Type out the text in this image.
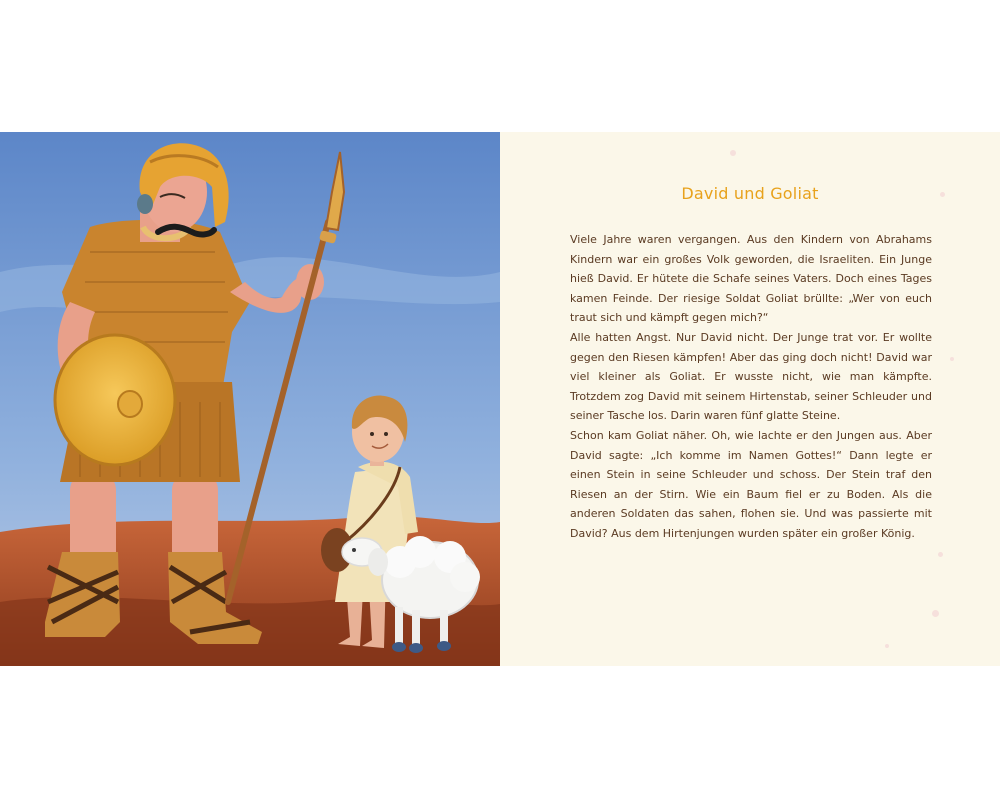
David und Goliat

Viele Jahre waren vergangen. Aus den Kindern von Abrahams Kindern war ein großes Volk geworden, die Israeliten. Ein Junge hieß David. Er hütete die Schafe seines Vaters. Doch eines Tages kamen Feinde. Der riesige Soldat Goliat brüllte: „Wer von euch traut sich und kämpft gegen mich?“

Alle hatten Angst. Nur David nicht. Der Junge trat vor. Er wollte gegen den Riesen kämpfen! Aber das ging doch nicht! David war viel kleiner als Goliat. Er wusste nicht, wie man kämpfte. Trotzdem zog David mit seinem Hirtenstab, seiner Schleuder und seiner Tasche los. Darin waren fünf glatte Steine.

Schon kam Goliat näher. Oh, wie lachte er den Jungen aus. Aber David sagte: „Ich komme im Namen Gottes!“ Dann legte er einen Stein in seine Schleuder und schoss. Der Stein traf den Riesen an der Stirn. Wie ein Baum fiel er zu Boden. Als die anderen Soldaten das sahen, flohen sie. Und was passierte mit David? Aus dem Hirtenjungen wurden später ein großer König.
